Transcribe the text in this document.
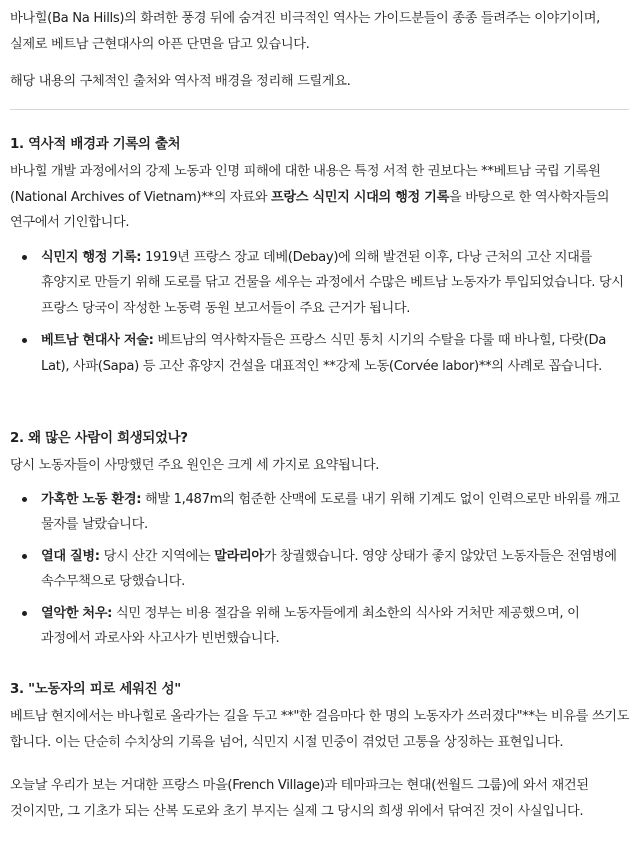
바나힐(Ba Na Hills)의 화려한 풍경 뒤에 숨겨진 비극적인 역사는 가이드분들이 종종 들려주는 이야기이며, 실제로 베트남 근현대사의 아픈 단면을 담고 있습니다.

해당 내용의 구체적인 출처와 역사적 배경을 정리해 드릴게요.

1. 역사적 배경과 기록의 출처

바나힐 개발 과정에서의 강제 노동과 인명 피해에 대한 내용은 특정 서적 한 권보다는 **베트남 국립 기록원(National Archives of Vietnam)**의 자료와 프랑스 식민지 시대의 행정 기록을 바탕으로 한 역사학자들의 연구에서 기인합니다.

식민지 행정 기록: 1919년 프랑스 장교 데베(Debay)에 의해 발견된 이후, 다낭 근처의 고산 지대를 휴양지로 만들기 위해 도로를 닦고 건물을 세우는 과정에서 수많은 베트남 노동자가 투입되었습니다. 당시 프랑스 당국이 작성한 노동력 동원 보고서들이 주요 근거가 됩니다.
베트남 현대사 저술: 베트남의 역사학자들은 프랑스 식민 통치 시기의 수탈을 다룰 때 바나힐, 다랏(Da Lat), 사파(Sapa) 등 고산 휴양지 건설을 대표적인 **강제 노동(Corvée labor)**의 사례로 꼽습니다.
2. 왜 많은 사람이 희생되었나?

당시 노동자들이 사망했던 주요 원인은 크게 세 가지로 요약됩니다.

가혹한 노동 환경: 해발 1,487m의 험준한 산맥에 도로를 내기 위해 기계도 없이 인력으로만 바위를 깨고 물자를 날랐습니다.
열대 질병: 당시 산간 지역에는 말라리아가 창궐했습니다. 영양 상태가 좋지 않았던 노동자들은 전염병에 속수무책으로 당했습니다.
열악한 처우: 식민 정부는 비용 절감을 위해 노동자들에게 최소한의 식사와 거처만 제공했으며, 이 과정에서 과로사와 사고사가 빈번했습니다.
3. "노동자의 피로 세워진 성"

베트남 현지에서는 바나힐로 올라가는 길을 두고 **"한 걸음마다 한 명의 노동자가 쓰러졌다"**는 비유를 쓰기도 합니다. 이는 단순히 수치상의 기록을 넘어, 식민지 시절 민중이 겪었던 고통을 상징하는 표현입니다.

오늘날 우리가 보는 거대한 프랑스 마을(French Village)과 테마파크는 현대(썬월드 그룹)에 와서 재건된 것이지만, 그 기초가 되는 산복 도로와 초기 부지는 실제 그 당시의 희생 위에서 닦여진 것이 사실입니다.
